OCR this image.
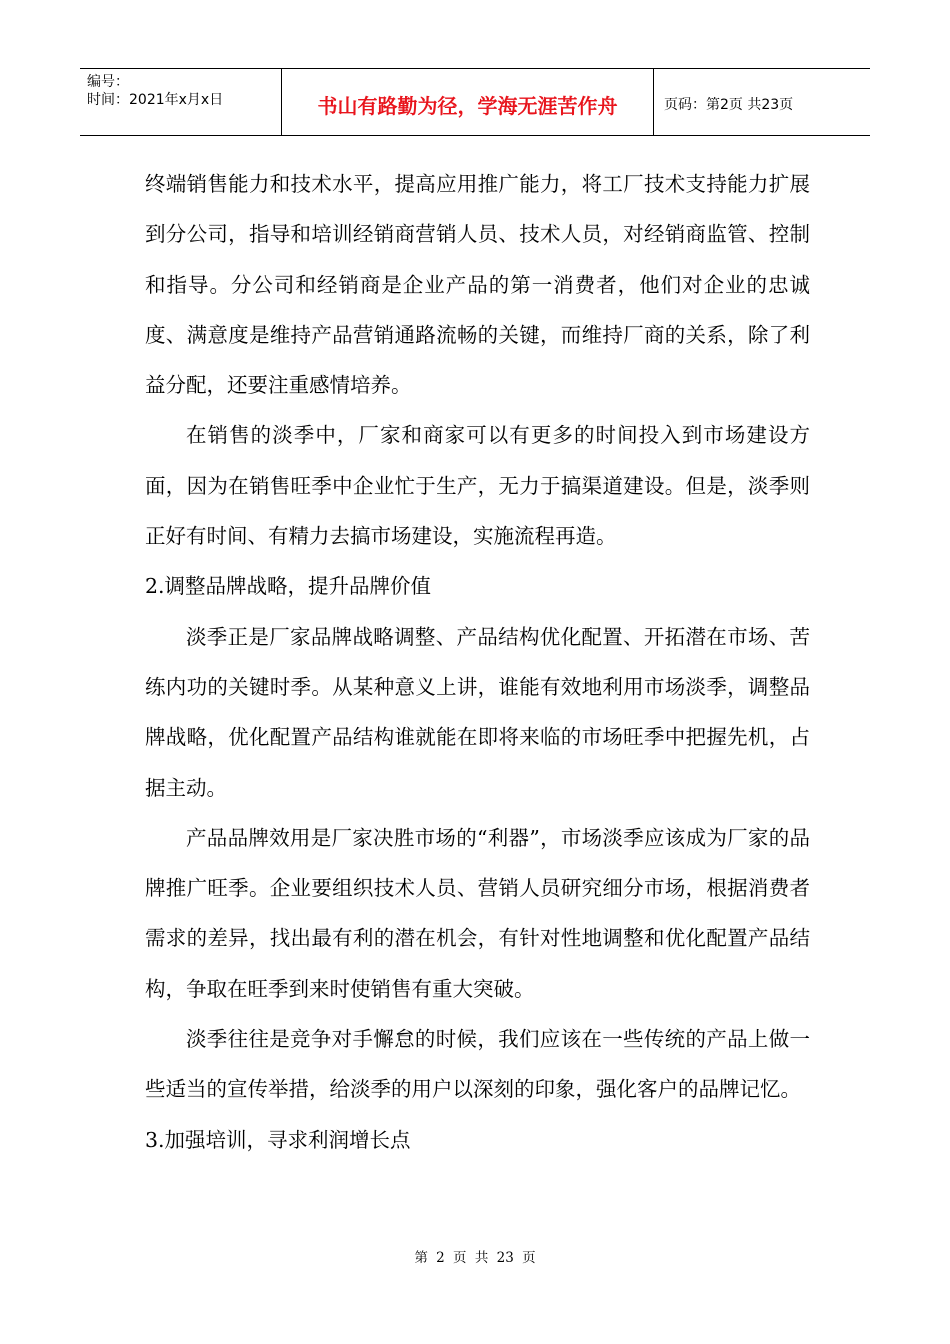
编号：
时间：2021年x月x日	书山有路勤为径，学海无涯苦作舟	页码：第2页 共23页

终端销售能力和技术水平，提高应用推广能力，将工厂技术支持能力扩展到分公司，指导和培训经销商营销人员、技术人员，对经销商监管、控制和指导。分公司和经销商是企业产品的第一消费者，他们对企业的忠诚度、满意度是维持产品营销通路流畅的关键，而维持厂商的关系，除了利益分配，还要注重感情培养。

在销售的淡季中，厂家和商家可以有更多的时间投入到市场建设方面，因为在销售旺季中企业忙于生产，无力于搞渠道建设。但是，淡季则正好有时间、有精力去搞市场建设，实施流程再造。

2.调整品牌战略，提升品牌价值

淡季正是厂家品牌战略调整、产品结构优化配置、开拓潜在市场、苦练内功的关键时季。从某种意义上讲，谁能有效地利用市场淡季，调整品牌战略，优化配置产品结构谁就能在即将来临的市场旺季中把握先机，占据主动。

产品品牌效用是厂家决胜市场的“利器”，市场淡季应该成为厂家的品牌推广旺季。企业要组织技术人员、营销人员研究细分市场，根据消费者需求的差异，找出最有利的潜在机会，有针对性地调整和优化配置产品结构，争取在旺季到来时使销售有重大突破。

淡季往往是竞争对手懈怠的时候，我们应该在一些传统的产品上做一些适当的宣传举措，给淡季的用户以深刻的印象，强化客户的品牌记忆。

3.加强培训，寻求利润增长点

第 2 页 共 23 页
